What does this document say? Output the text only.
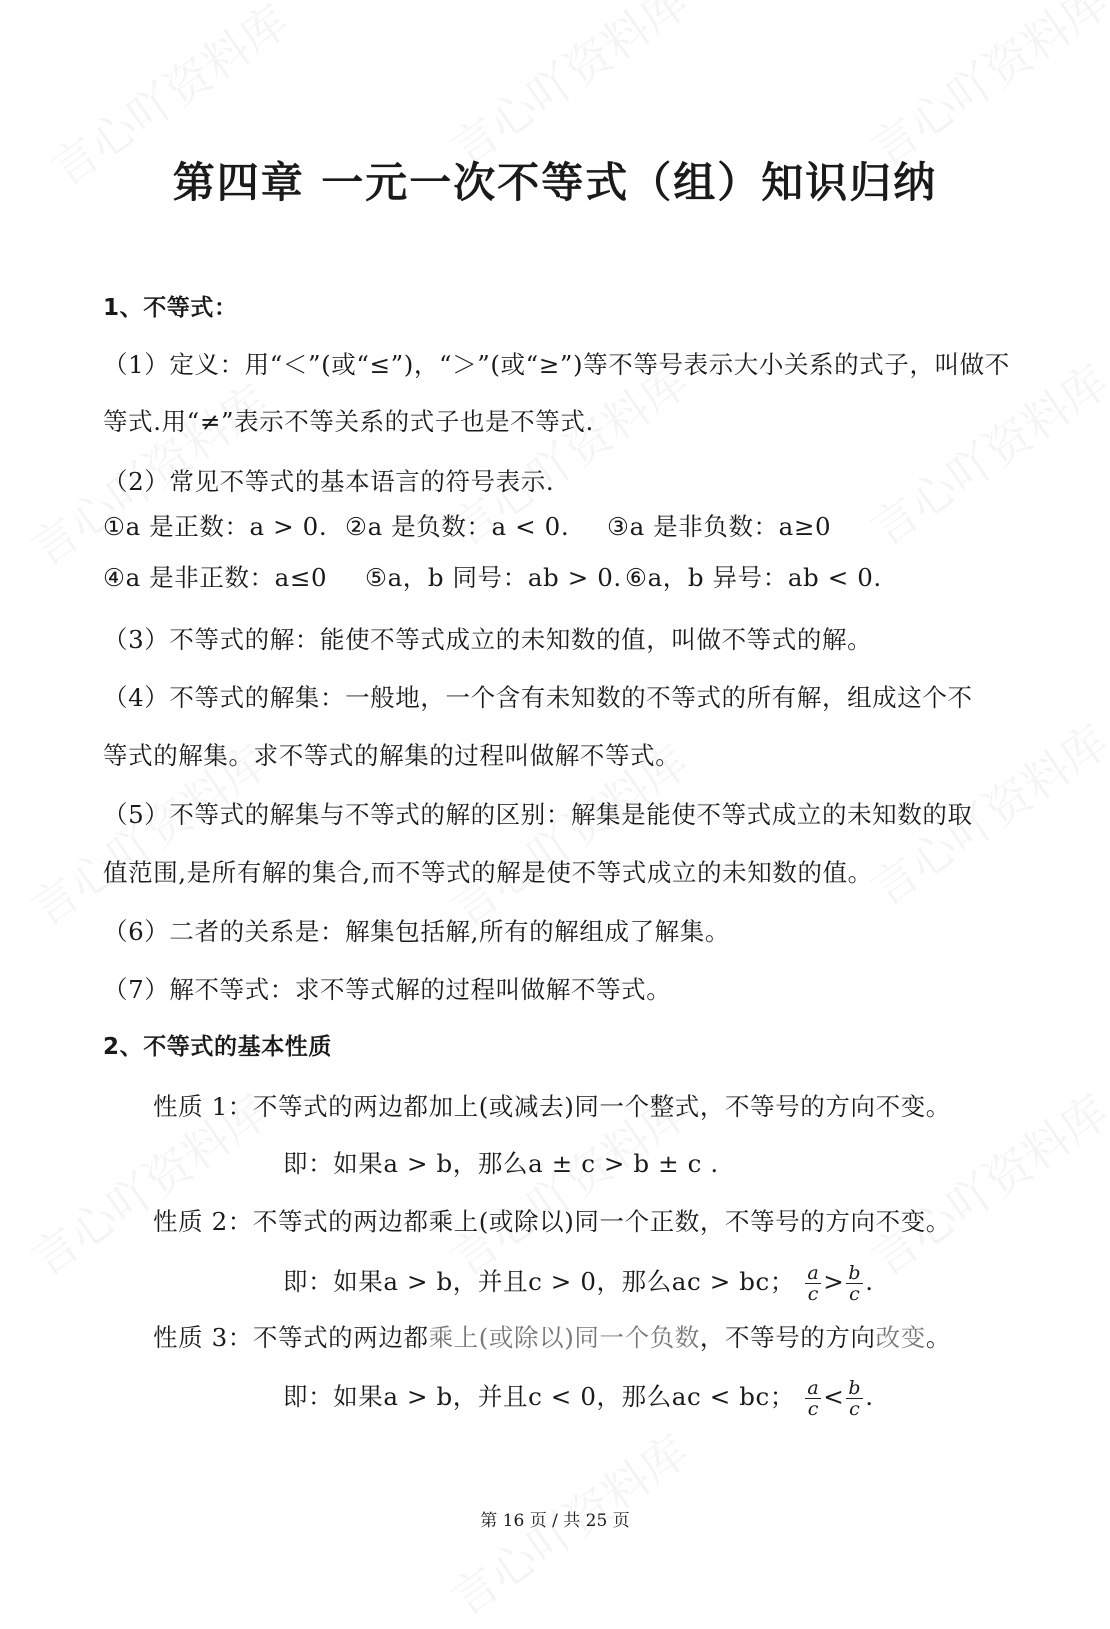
第四章 一元一次不等式（组）知识归纳
1、不等式：
（1）定义：用“＜”(或“≤”)，“＞”(或“≥”)等不等号表示大小关系的式子，叫做不
等式.用“≠”表示不等关系的式子也是不等式.
（2）常见不等式的基本语言的符号表示.
①a 是正数：a > 0. ②a 是负数：a < 0. ③a 是非负数：a≥0
④a 是非正数：a≤0 ⑤a，b 同号：ab > 0. ⑥a，b 异号：ab < 0.
（3）不等式的解：能使不等式成立的未知数的值，叫做不等式的解。
（4）不等式的解集：一般地，一个含有未知数的不等式的所有解，组成这个不
等式的解集。求不等式的解集的过程叫做解不等式。
（5）不等式的解集与不等式的解的区别：解集是能使不等式成立的未知数的取
值范围,是所有解的集合,而不等式的解是使不等式成立的未知数的值。
（6）二者的关系是：解集包括解,所有的解组成了解集。
（7）解不等式：求不等式解的过程叫做解不等式。
2、不等式的基本性质
性质 1：不等式的两边都加上(或减去)同一个整式，不等号的方向不变。
即：如果a > b，那么a ± c > b ± c .
性质 2：不等式的两边都乘上(或除以)同一个正数，不等号的方向不变。
即：如果a > b，并且c > 0，那么ac > bc； $\frac{a}{c} > \frac{b}{c}$ .
性质 3：不等式的两边都乘上(或除以)同一个负数，不等号的方向改变。
即：如果a > b，并且c < 0，那么ac < bc； $\frac{a}{c} < \frac{b}{c}$ .
第 16 页 / 共 25 页
